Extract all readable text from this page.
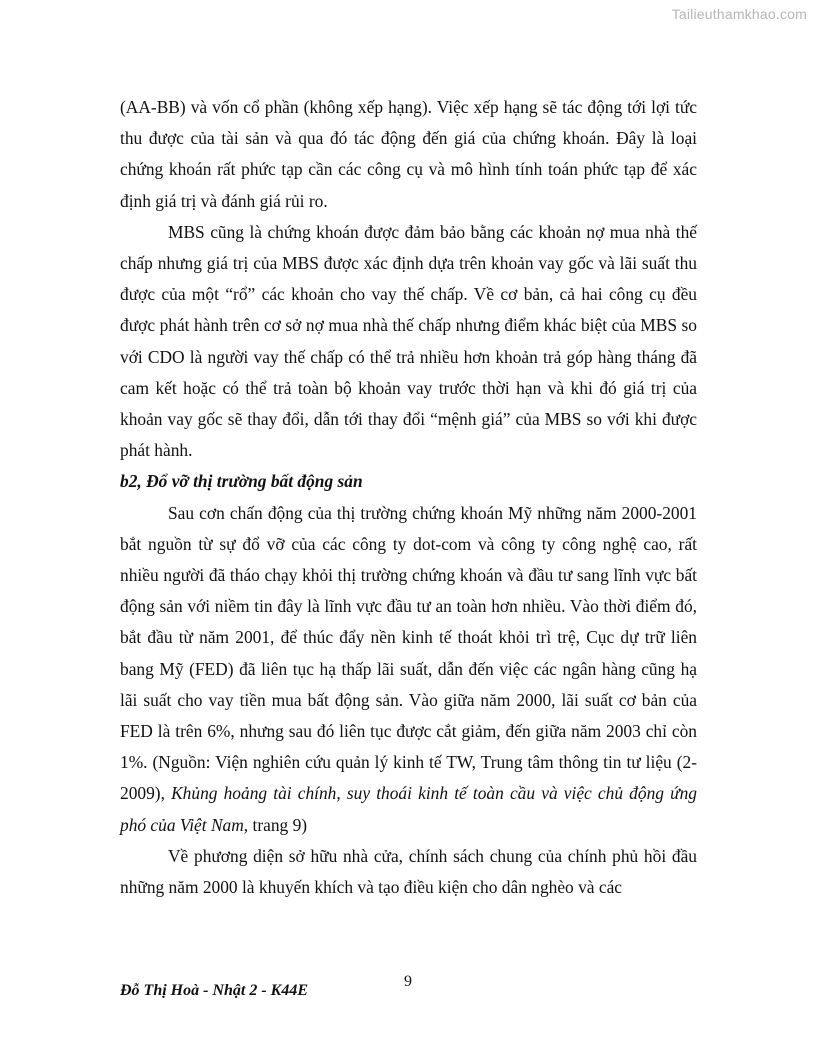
Tailieuthamkhao.com

(AA-BB) và vốn cổ phần (không xếp hạng). Việc xếp hạng sẽ tác động tới lợi tức thu được của tài sản và qua đó tác động đến giá của chứng khoán. Đây là loại chứng khoán rất phức tạp cần các công cụ và mô hình tính toán phức tạp để xác định giá trị và đánh giá rủi ro.

MBS cũng là chứng khoán được đảm bảo bằng các khoản nợ mua nhà thế chấp nhưng giá trị của MBS được xác định dựa trên khoản vay gốc và lãi suất thu được của một “rổ” các khoản cho vay thế chấp. Về cơ bản, cả hai công cụ đều được phát hành trên cơ sở nợ mua nhà thế chấp nhưng điểm khác biệt của MBS so với CDO là người vay thế chấp có thể trả nhiều hơn khoản trả góp hàng tháng đã cam kết hoặc có thể trả toàn bộ khoản vay trước thời hạn và khi đó giá trị của khoản vay gốc sẽ thay đổi, dẫn tới thay đổi “mệnh giá” của MBS so với khi được phát hành.

b2, Đổ vỡ thị trường bất động sản

Sau cơn chấn động của thị trường chứng khoán Mỹ những năm 2000-2001 bắt nguồn từ sự đổ vỡ của các công ty dot-com và công ty công nghệ cao, rất nhiều người đã tháo chạy khỏi thị trường chứng khoán và đầu tư sang lĩnh vực bất động sản với niềm tin đây là lĩnh vực đầu tư an toàn hơn nhiều. Vào thời điểm đó, bắt đầu từ năm 2001, để thúc đẩy nền kinh tế thoát khỏi trì trệ, Cục dự trữ liên bang Mỹ (FED) đã liên tục hạ thấp lãi suất, dẫn đến việc các ngân hàng cũng hạ lãi suất cho vay tiền mua bất động sản. Vào giữa năm 2000, lãi suất cơ bản của FED là trên 6%, nhưng sau đó liên tục được cắt giảm, đến giữa năm 2003 chỉ còn 1%. (Nguồn: Viện nghiên cứu quản lý kinh tế TW, Trung tâm thông tin tư liệu (2-2009), Khủng hoảng tài chính, suy thoái kinh tế toàn cầu và việc chủ động ứng phó của Việt Nam, trang 9)

Về phương diện sở hữu nhà cửa, chính sách chung của chính phủ hồi đầu những năm 2000 là khuyến khích và tạo điều kiện cho dân nghèo và các

9
Đỗ Thị Hoà - Nhật 2 - K44E
